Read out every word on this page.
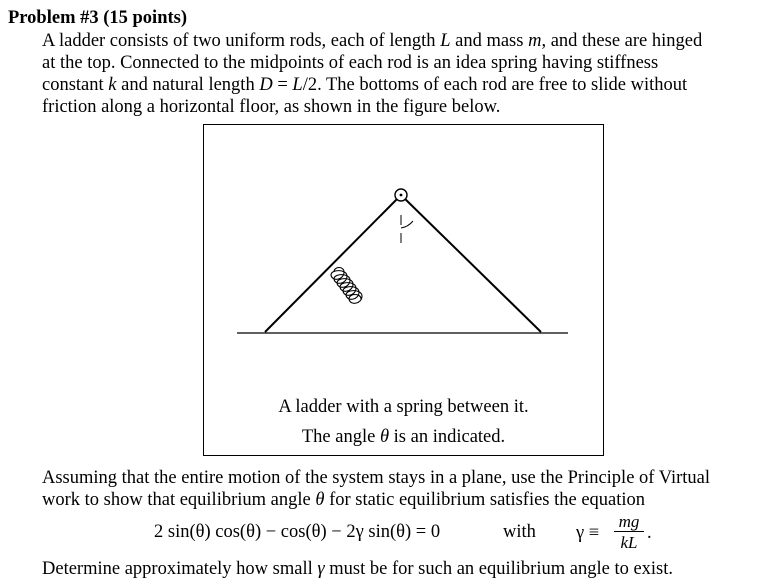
Problem #3 (15 points)
A ladder consists of two uniform rods, each of length L and mass m, and these are hinged
at the top. Connected to the midpoints of each rod is an idea spring having stiffness
constant k and natural length D = L/2. The bottoms of each rod are free to slide without
friction along a horizontal floor, as shown in the figure below.
A ladder with a spring between it.
The angle θ is an indicated.
Assuming that the entire motion of the system stays in a plane, use the Principle of Virtual
work to show that equilibrium angle θ for static equilibrium satisfies the equation
2 sin(θ) cos(θ) − cos(θ) − 2γ sin(θ) = 0	with $\gamma \equiv \frac{mg}{kL}$ .
Determine approximately how small γ must be for such an equilibrium angle to exist.
